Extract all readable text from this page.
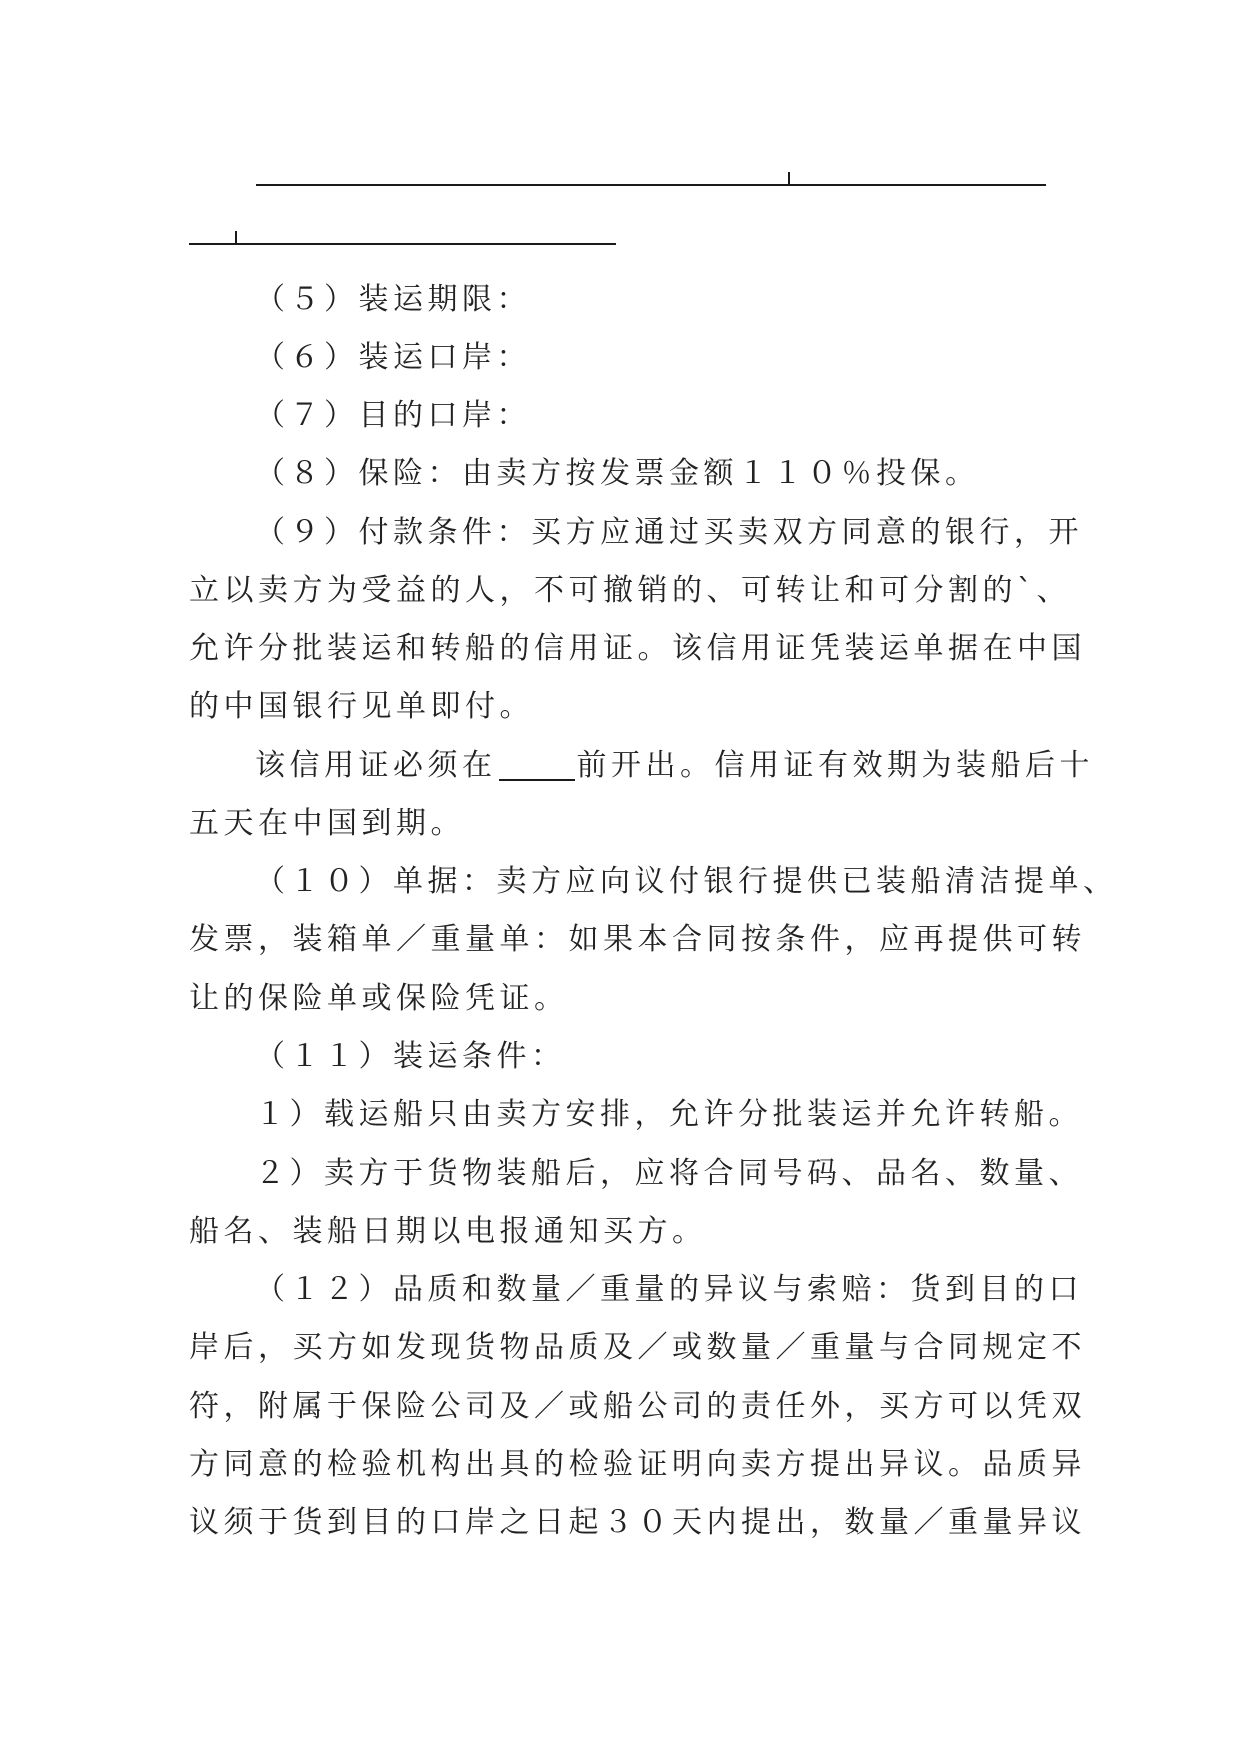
（５）装运期限：
（６）装运口岸：
（７）目的口岸：
（８）保险：由卖方按发票金额１１０％投保。
（９）付款条件：买方应通过买卖双方同意的银行，开
立以卖方为受益的人，不可撤销的、可转让和可分割的`、
允许分批装运和转船的信用证。该信用证凭装运单据在中国
的中国银行见单即付。
该信用证必须在	前开出。信用证有效期为装船后十
五天在中国到期。
（１０）单据：卖方应向议付银行提供已装船清洁提单、
发票，装箱单／重量单：如果本合同按条件，应再提供可转
让的保险单或保险凭证。
（１１）装运条件：
１）载运船只由卖方安排，允许分批装运并允许转船。
２）卖方于货物装船后，应将合同号码、品名、数量、
船名、装船日期以电报通知买方。
（１２）品质和数量／重量的异议与索赔：货到目的口
岸后，买方如发现货物品质及／或数量／重量与合同规定不
符，附属于保险公司及／或船公司的责任外，买方可以凭双
方同意的检验机构出具的检验证明向卖方提出异议。品质异
议须于货到目的口岸之日起３０天内提出，数量／重量异议
